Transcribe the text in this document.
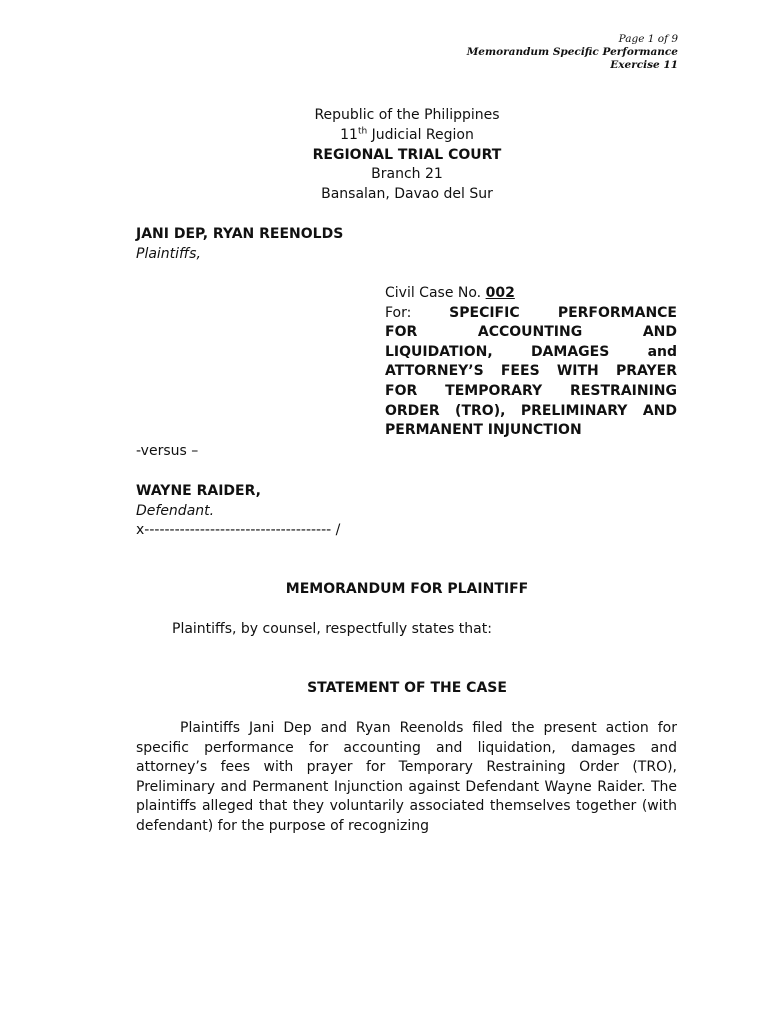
Page 1 of 9
Memorandum Specific Performance
Exercise 11
Republic of the Philippines
11th Judicial Region
REGIONAL TRIAL COURT
Branch 21
Bansalan, Davao del Sur
JANI DEP, RYAN REENOLDS
Plaintiffs,
Civil Case No. 002
For: SPECIFIC PERFORMANCE
FOR ACCOUNTING AND LIQUIDATION, DAMAGES and ATTORNEY’S FEES WITH PRAYER FOR TEMPORARY RESTRAINING ORDER (TRO), PRELIMINARY AND PERMANENT INJUNCTION
-versus –
WAYNE RAIDER,
Defendant.
x------------------------------------- /
MEMORANDUM FOR PLAINTIFF
Plaintiffs, by counsel, respectfully states that:
STATEMENT OF THE CASE
Plaintiffs Jani Dep and Ryan Reenolds filed the present action for specific performance for accounting and liquidation, damages and attorney’s fees with prayer for Temporary Restraining Order (TRO), Preliminary and Permanent Injunction against Defendant Wayne Raider. The plaintiffs alleged that they voluntarily associated themselves together (with defendant) for the purpose of recognizing
